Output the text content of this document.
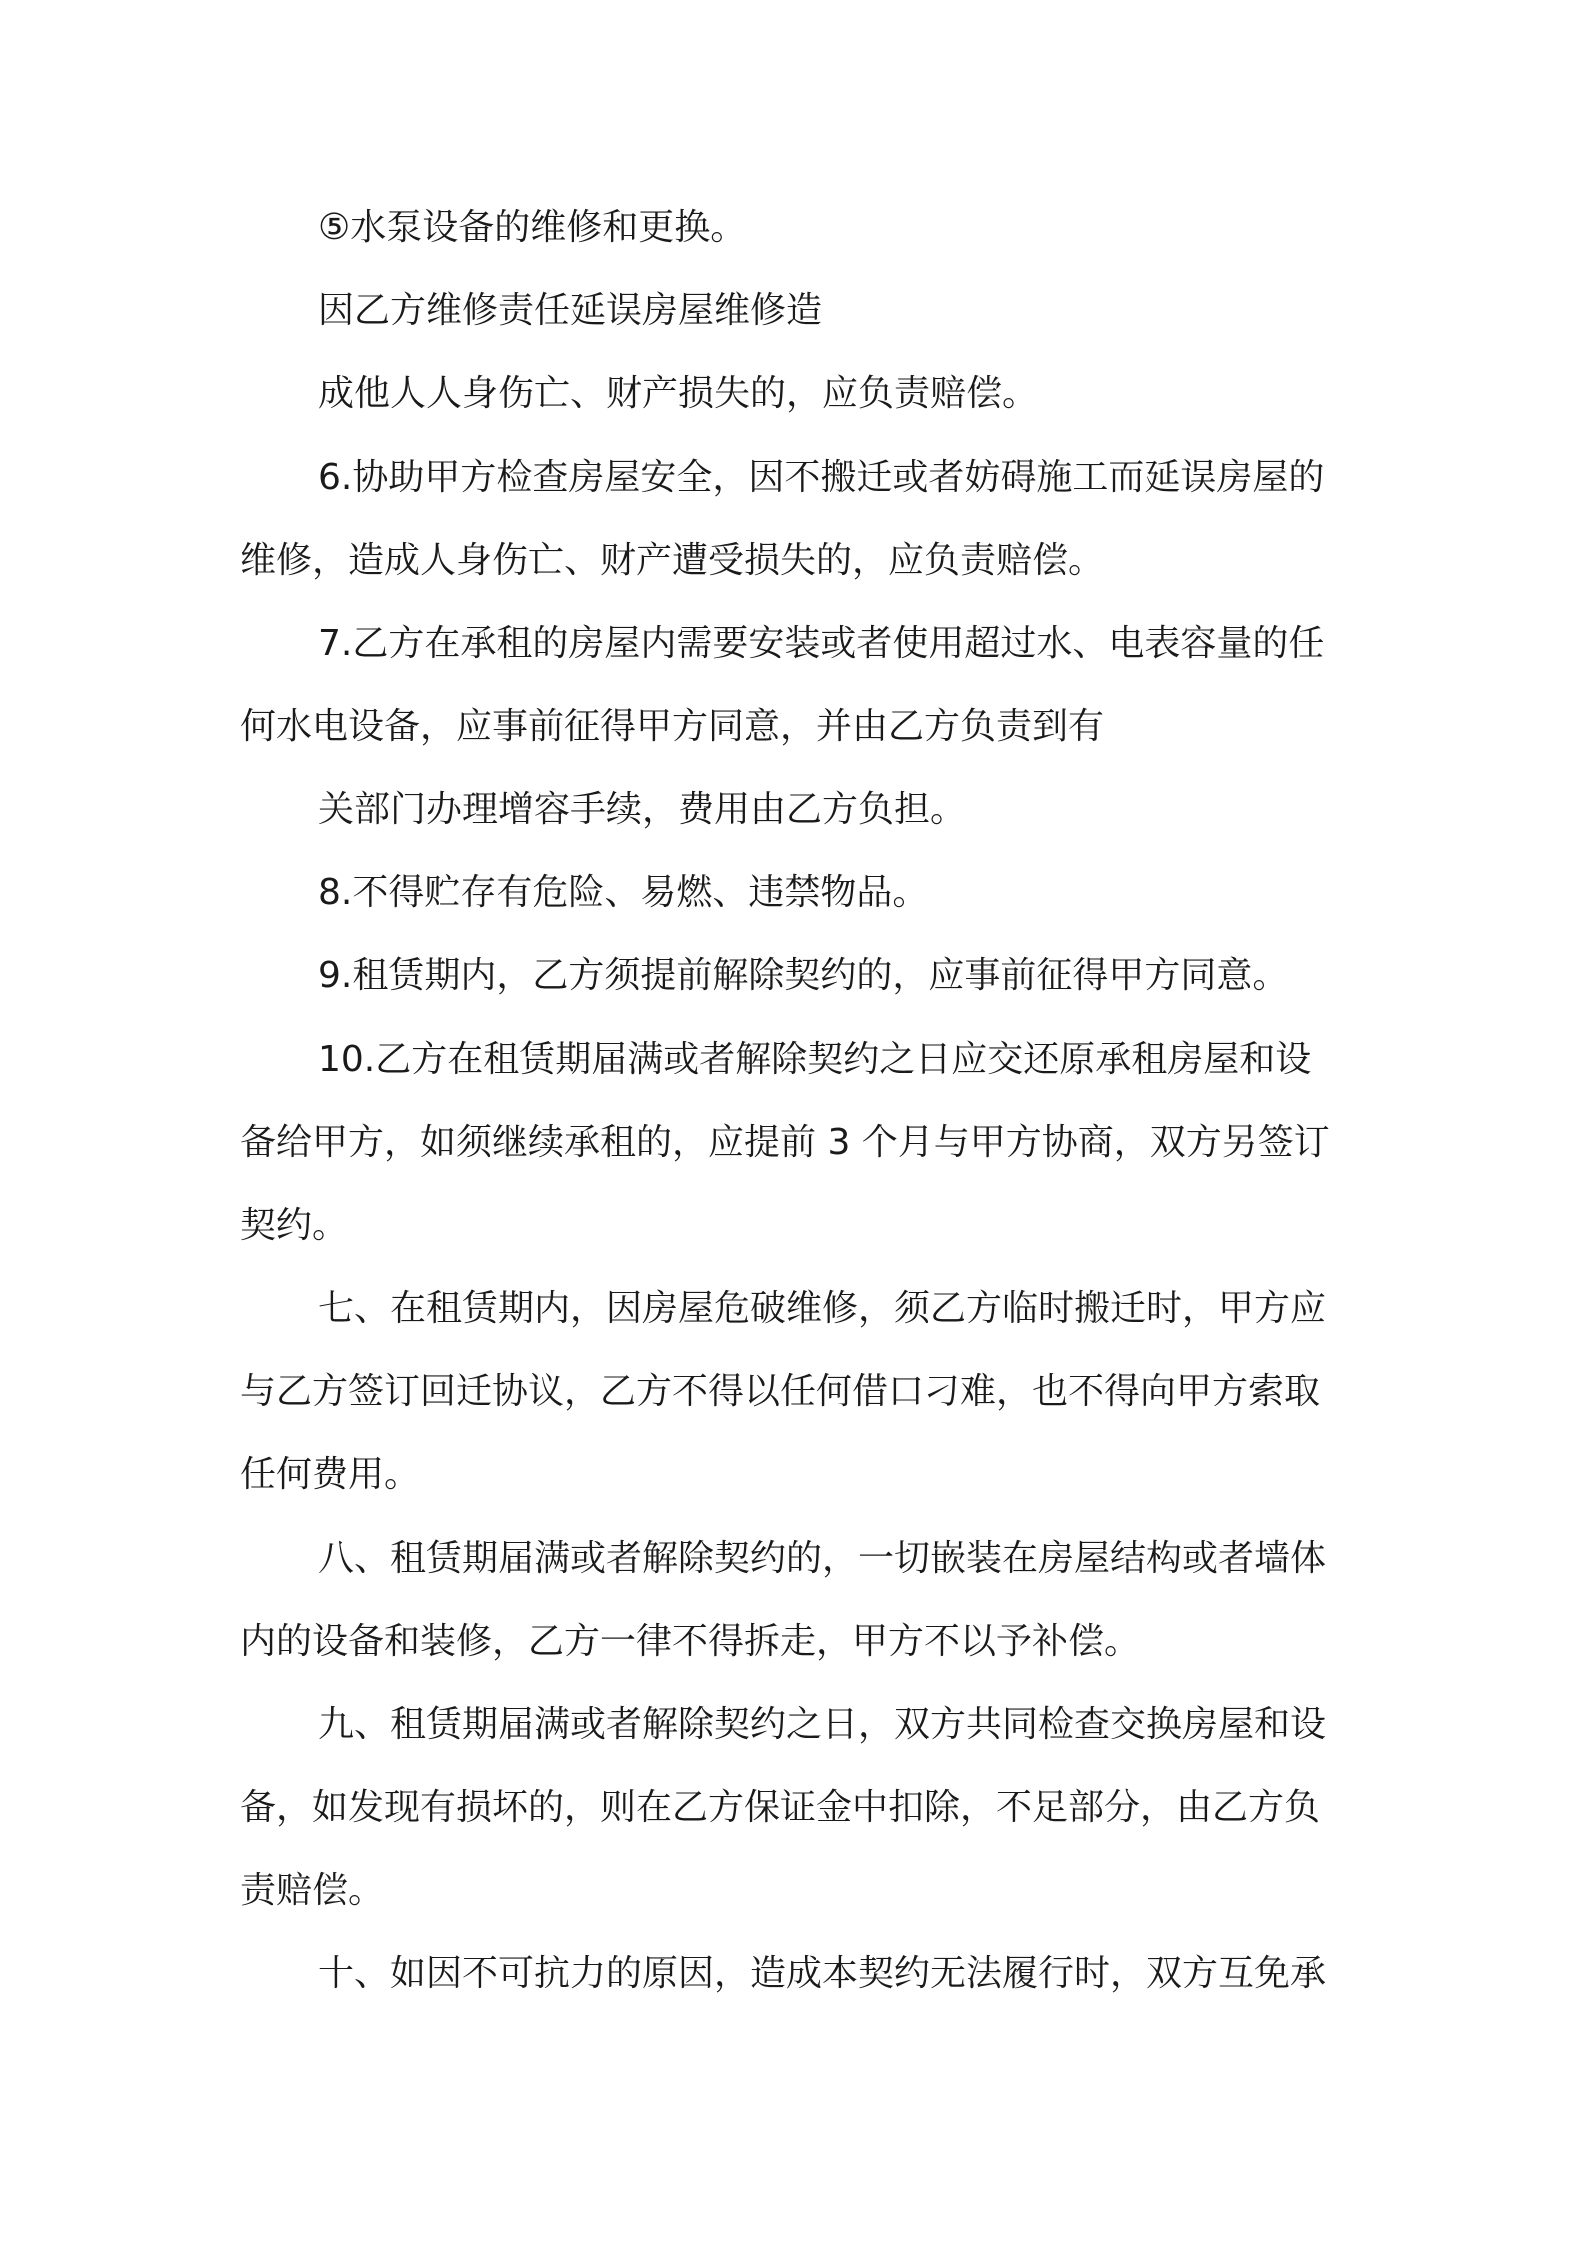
⑤水泵设备的维修和更换。
因乙方维修责任延误房屋维修造
成他人人身伤亡、财产损失的，应负责赔偿。
6.协助甲方检查房屋安全，因不搬迁或者妨碍施工而延误房屋的
维修，造成人身伤亡、财产遭受损失的，应负责赔偿。
7.乙方在承租的房屋内需要安装或者使用超过水、电表容量的任
何水电设备，应事前征得甲方同意，并由乙方负责到有
关部门办理增容手续，费用由乙方负担。
8.不得贮存有危险、易燃、违禁物品。
9.租赁期内，乙方须提前解除契约的，应事前征得甲方同意。
10.乙方在租赁期届满或者解除契约之日应交还原承租房屋和设
备给甲方，如须继续承租的，应提前 3 个月与甲方协商，双方另签订
契约。
七、在租赁期内，因房屋危破维修，须乙方临时搬迁时，甲方应
与乙方签订回迁协议，乙方不得以任何借口刁难，也不得向甲方索取
任何费用。
八、租赁期届满或者解除契约的，一切嵌装在房屋结构或者墙体
内的设备和装修，乙方一律不得拆走，甲方不以予补偿。
九、租赁期届满或者解除契约之日，双方共同检查交换房屋和设
备，如发现有损坏的，则在乙方保证金中扣除，不足部分，由乙方负
责赔偿。
十、如因不可抗力的原因，造成本契约无法履行时，双方互免承
